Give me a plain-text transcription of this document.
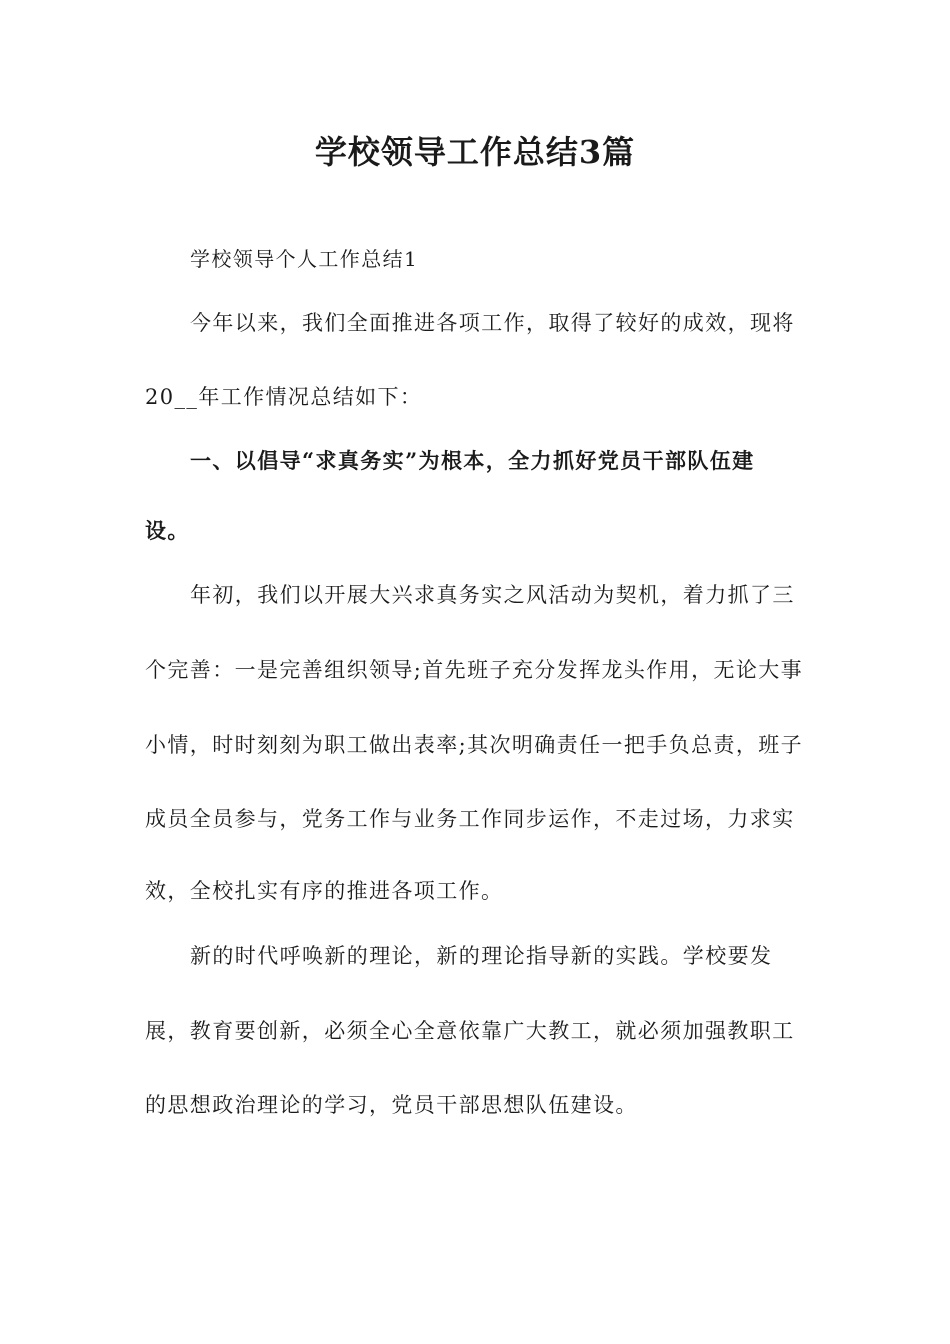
学校领导工作总结3篇

学校领导个人工作总结1

今年以来，我们全面推进各项工作，取得了较好的成效，现将

20__年工作情况总结如下：

一、以倡导“求真务实”为根本，全力抓好党员干部队伍建

设。

年初，我们以开展大兴求真务实之风活动为契机，着力抓了三

个完善：一是完善组织领导;首先班子充分发挥龙头作用，无论大事

小情，时时刻刻为职工做出表率;其次明确责任一把手负总责，班子

成员全员参与，党务工作与业务工作同步运作，不走过场，力求实

效，全校扎实有序的推进各项工作。

新的时代呼唤新的理论，新的理论指导新的实践。学校要发

展，教育要创新，必须全心全意依靠广大教工，就必须加强教职工

的思想政治理论的学习，党员干部思想队伍建设。
